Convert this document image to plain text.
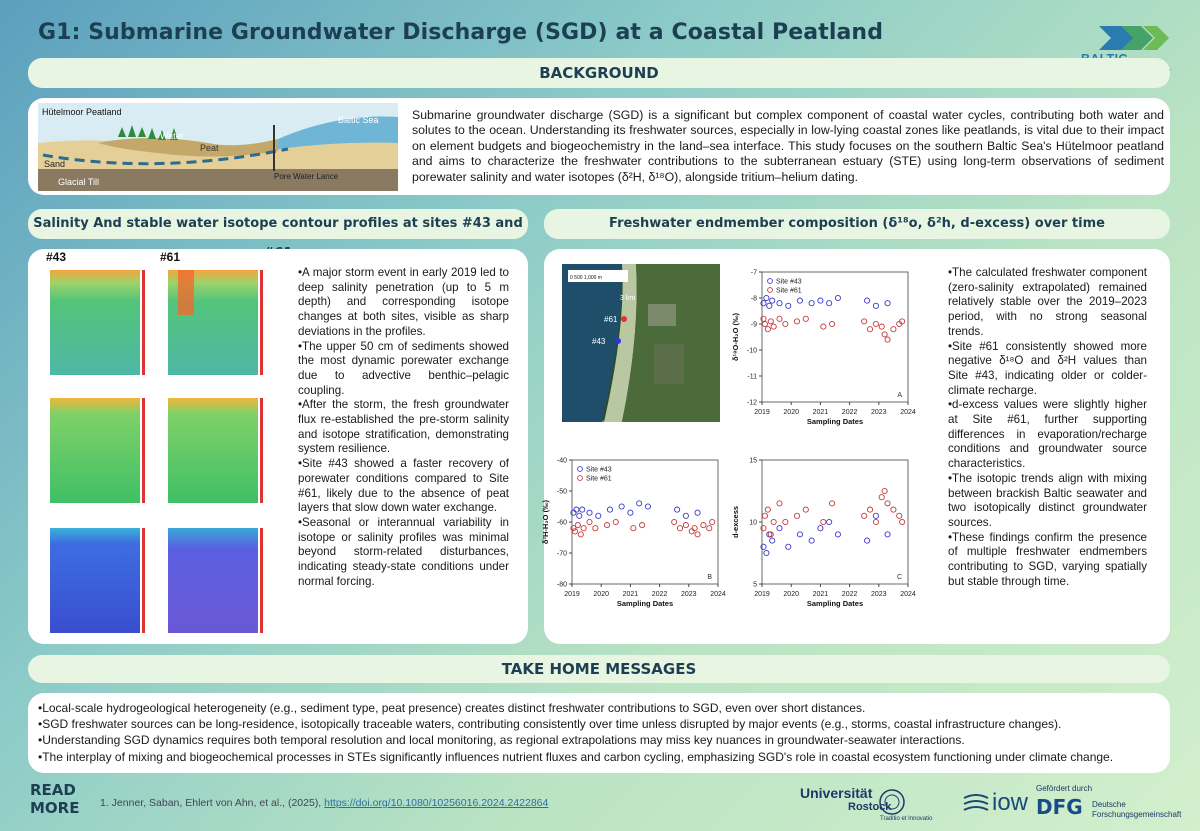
G1: Submarine Groundwater Discharge (SGD) at a Coastal Peatland
BACKGROUND
Hütelmoor Peatland
Water
Peat
Baltic Sea
Sand
Glacial Till
Pore Water Lance
Submarine groundwater discharge (SGD) is a significant but complex component of coastal water cycles, contributing both water and solutes to the ocean. Understanding its freshwater sources, especially in low-lying coastal zones like peatlands, is vital due to their impact on element budgets and biogeochemistry in the land–sea interface. This study focuses on the southern Baltic Sea's Hütelmoor peatland and aims to characterize the freshwater contributions to the subterranean estuary (STE) using long-term observations of sediment porewater salinity and water isotopes (δ²H, δ¹⁸O), alongside tritium–helium dating.
Salinity And stable water isotope contour profiles at sites #43 and
#43	#61

•A major storm event in early 2019 led to deep salinity penetration (up to 5 m depth) and corresponding isotope changes at both sites, visible as sharp deviations in the profiles.

•The upper 50 cm of sediments showed the most dynamic porewater exchange due to advective benthic–pelagic coupling.

•After the storm, the fresh groundwater flux re-established the pre-storm salinity and isotope stratification, demonstrating system resilience.

•Site #43 showed a faster recovery of porewater conditions compared to Site #61, likely due to the absence of peat layers that slow down water exchange.

•Seasonal or interannual variability in isotope or salinity profiles was minimal beyond storm-related disturbances, indicating steady-state conditions under normal forcing.

Freshwater endmember composition (δ¹⁸o, δ²h, d-excess) over time
0 500 1,000 m
3 km
#61
#43
2019 2020 2021 2022 2023 2024
-7
-8
-9
-10
-11
-12
Sampling Dates
δ¹⁸O-H₂O (‰)
A
Site #43
Site #61
2019 2020 2021 2022 2023 2024
-40
-50
-60
-70
-80
Sampling Dates
δ²H-H₂O (‰)
B
Site #43
Site #61
2019 2020 2021 2022 2023 2024
5
10
15
Sampling Dates
d-excess
C

•The calculated freshwater component (zero-salinity extrapolated) remained relatively stable over the 2019–2023 period, with no strong seasonal trends.

•Site #61 consistently showed more negative δ¹⁸O and δ²H values than Site #43, indicating older or colder-climate recharge.

•d-excess values were slightly higher at Site #61, further supporting differences in evaporation/recharge conditions and groundwater source characteristics.

•The isotopic trends align with mixing between brackish Baltic seawater and two isotopically distinct groundwater sources.

•These findings confirm the presence of multiple freshwater endmembers contributing to SGD, varying spatially but stable through time.

TAKE HOME MESSAGES

•Local-scale hydrogeological heterogeneity (e.g., sediment type, peat presence) creates distinct freshwater contributions to SGD, even over short distances.

•SGD freshwater sources can be long-residence, isotopically traceable waters, contributing consistently over time unless disrupted by major events (e.g., storms, coastal infrastructure changes).

•Understanding SGD dynamics requires both temporal resolution and local monitoring, as regional extrapolations may miss key nuances in groundwater-seawater interactions.

•The interplay of mixing and biogeochemical processes in STEs significantly influences nutrient fluxes and carbon cycling, emphasizing SGD's role in coastal ecosystem functioning under climate change.

READ
MORE 1. Jenner, Saban, Ehlert von Ahn, et al., (2025), https://doi.org/10.1080/10256016.2024.2422864
Universität
Rostock
Traditio et Innovatio
iow
Gefördert durch
DFG Deutsche
Forschungsgemeinschaft
